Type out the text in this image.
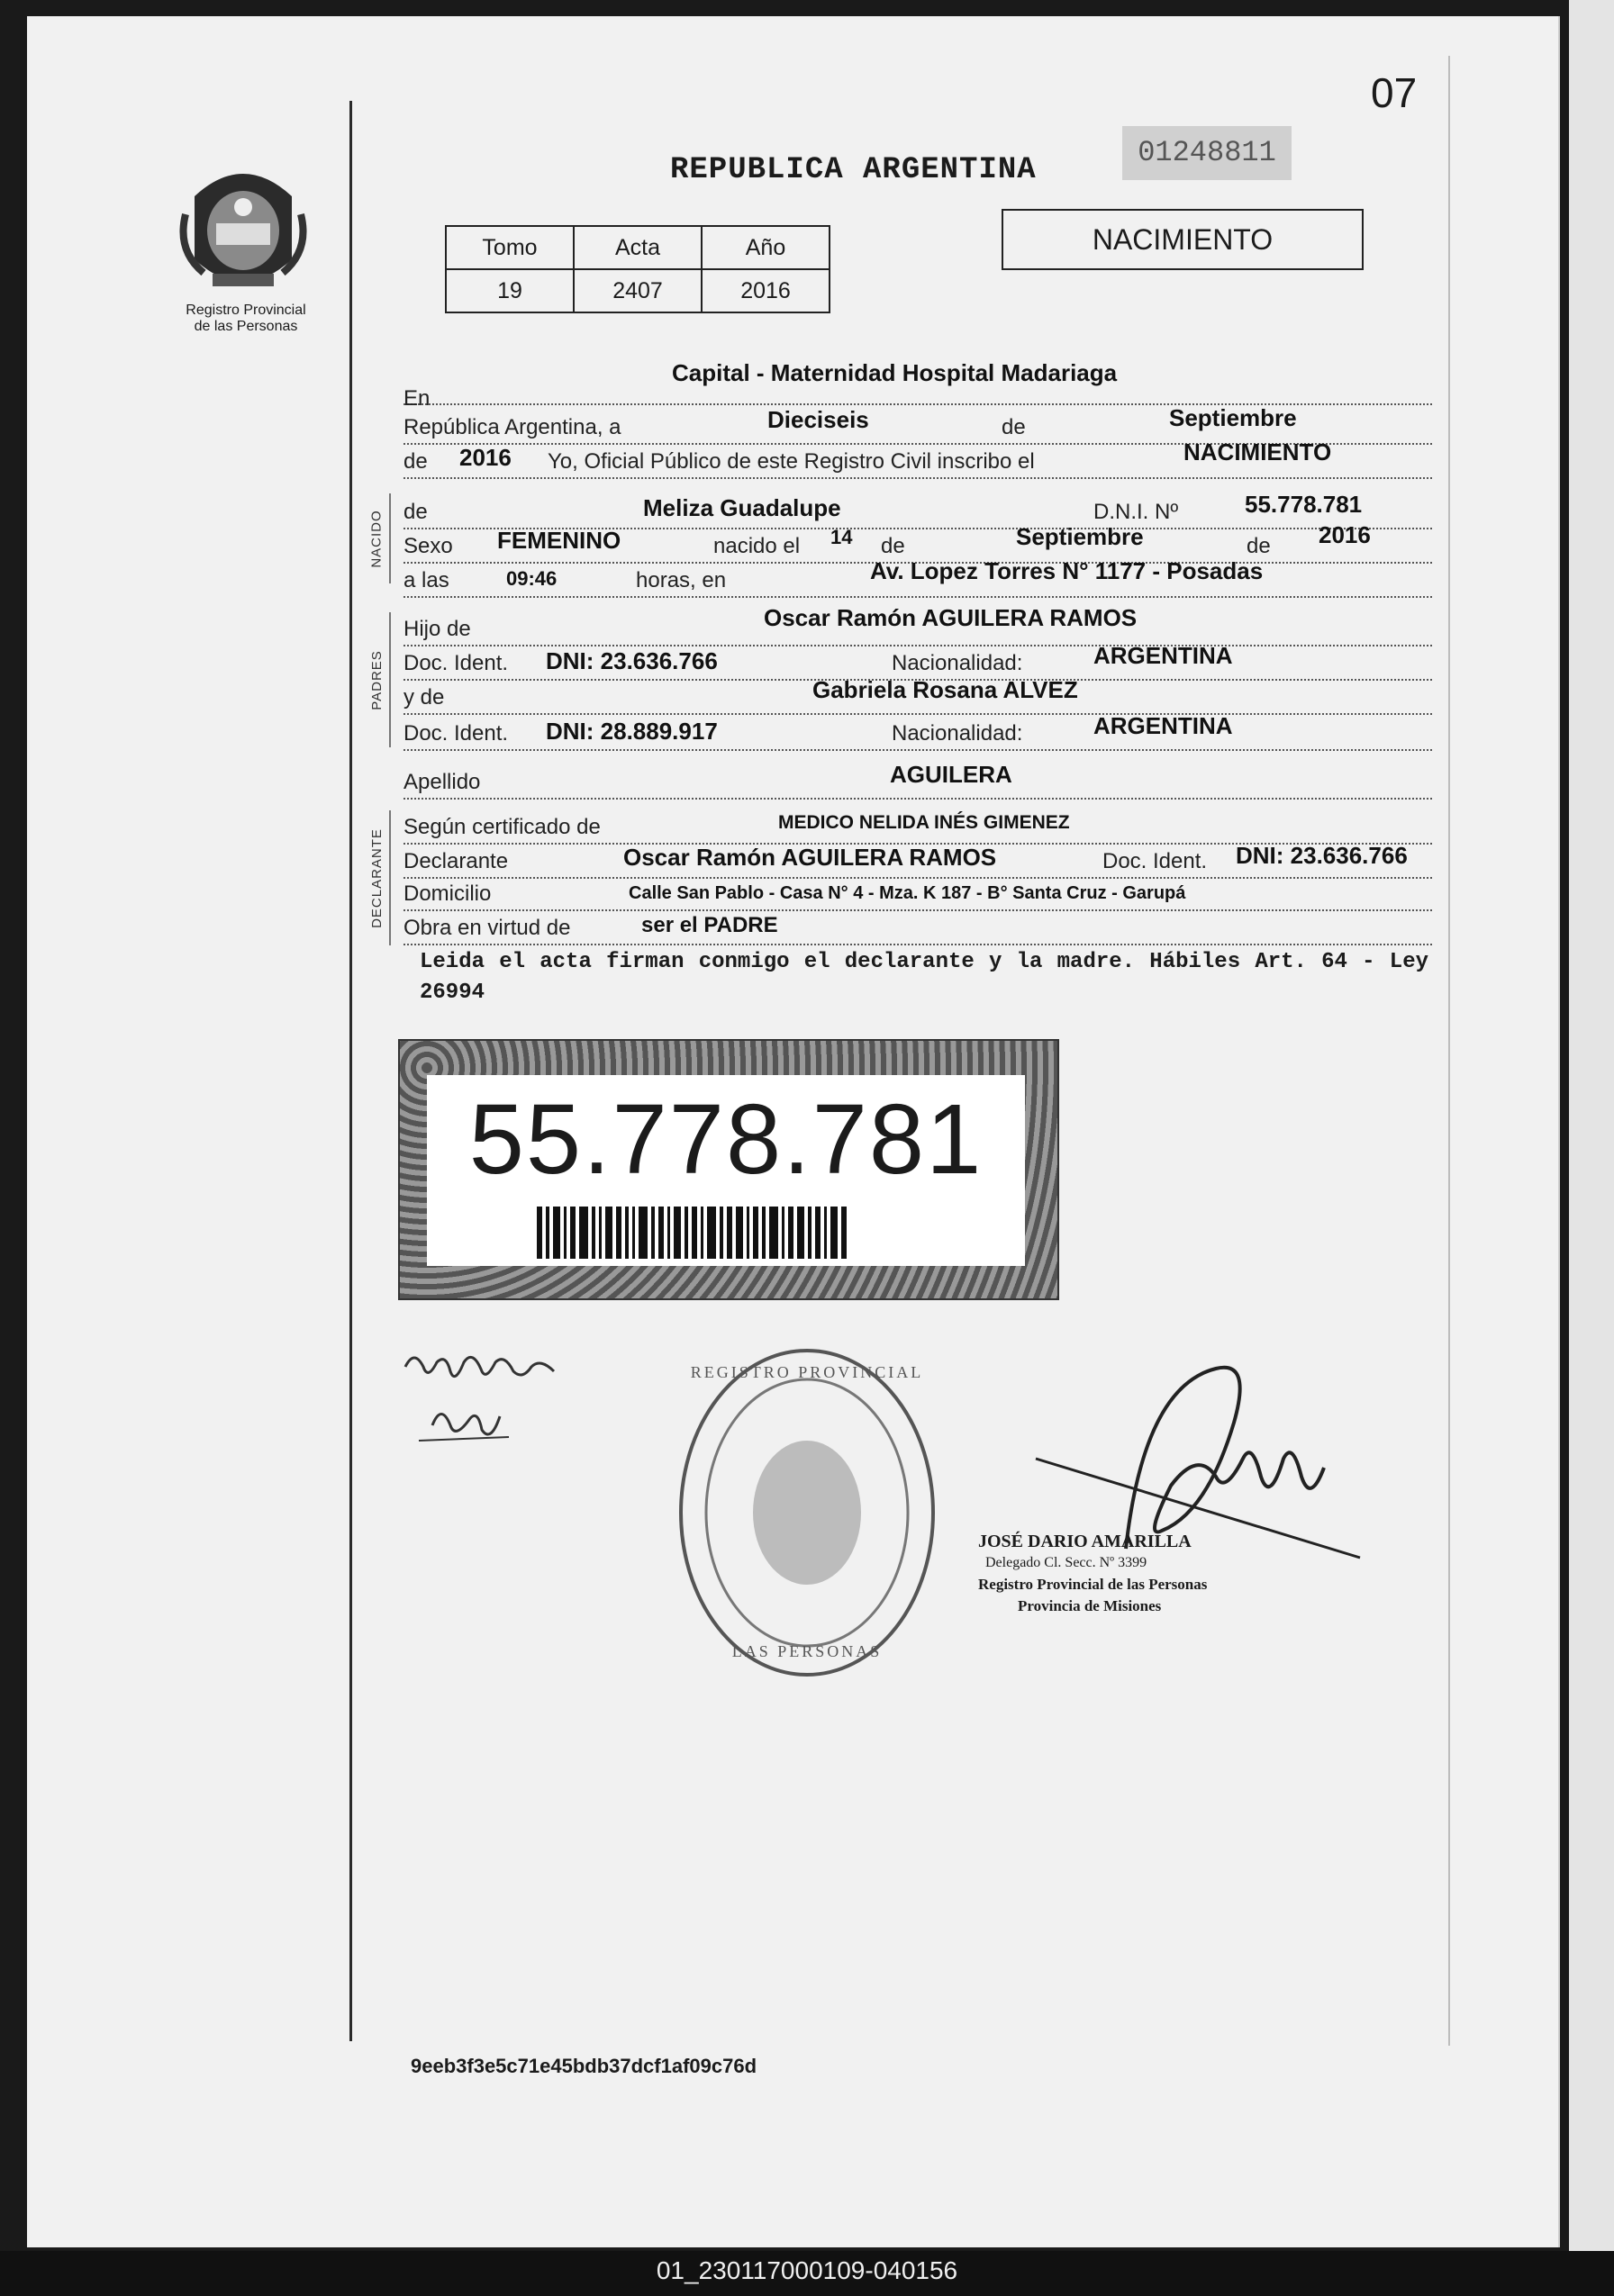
07
Registro Provincial
de las Personas
REPUBLICA ARGENTINA
01248811
Tomo	Acta	Año
19	2407	2016
NACIMIENTO
Capital - Maternidad Hospital Madariaga
En
República Argentina, a	Dieciseis	de	Septiembre
de 2016 Yo, Oficial Público de este Registro Civil inscribo el	NACIMIENTO
NACIDO de	Meliza Guadalupe	D.N.I. Nº	55.778.781
Sexo FEMENINO	nacido el 14 de	Septiembre	de 2016
a las	09:46	horas, en	Av. Lopez Torres N° 1177 - Posadas
PADRES
Hijo de	Oscar Ramón AGUILERA RAMOS
Doc. Ident. DNI: 23.636.766	Nacionalidad:	ARGENTINA
y de	Gabriela Rosana ALVEZ
Doc. Ident. DNI: 28.889.917	Nacionalidad:	ARGENTINA
Apellido	AGUILERA
DECLARANTE
Según certificado de	MEDICO NELIDA INÉS GIMENEZ
Declarante	Oscar Ramón AGUILERA RAMOS	Doc. Ident. DNI: 23.636.766
Domicilio	Calle San Pablo - Casa N° 4 - Mza. K 187 - B° Santa Cruz - Garupá
Obra en virtud de	ser el PADRE
Leida el acta firman conmigo el declarante y la madre. Hábiles Art. 64 - Ley 26994
55.778.781
REGISTRO PROVINCIAL
LAS PERSONAS
JOSÉ DARIO AMARILLA
Delegado Cl. Secc. Nº 3399
Registro Provincial de las Personas
Provincia de Misiones
9eeb3f3e5c71e45bdb37dcf1af09c76d
01_230117000109-040156
